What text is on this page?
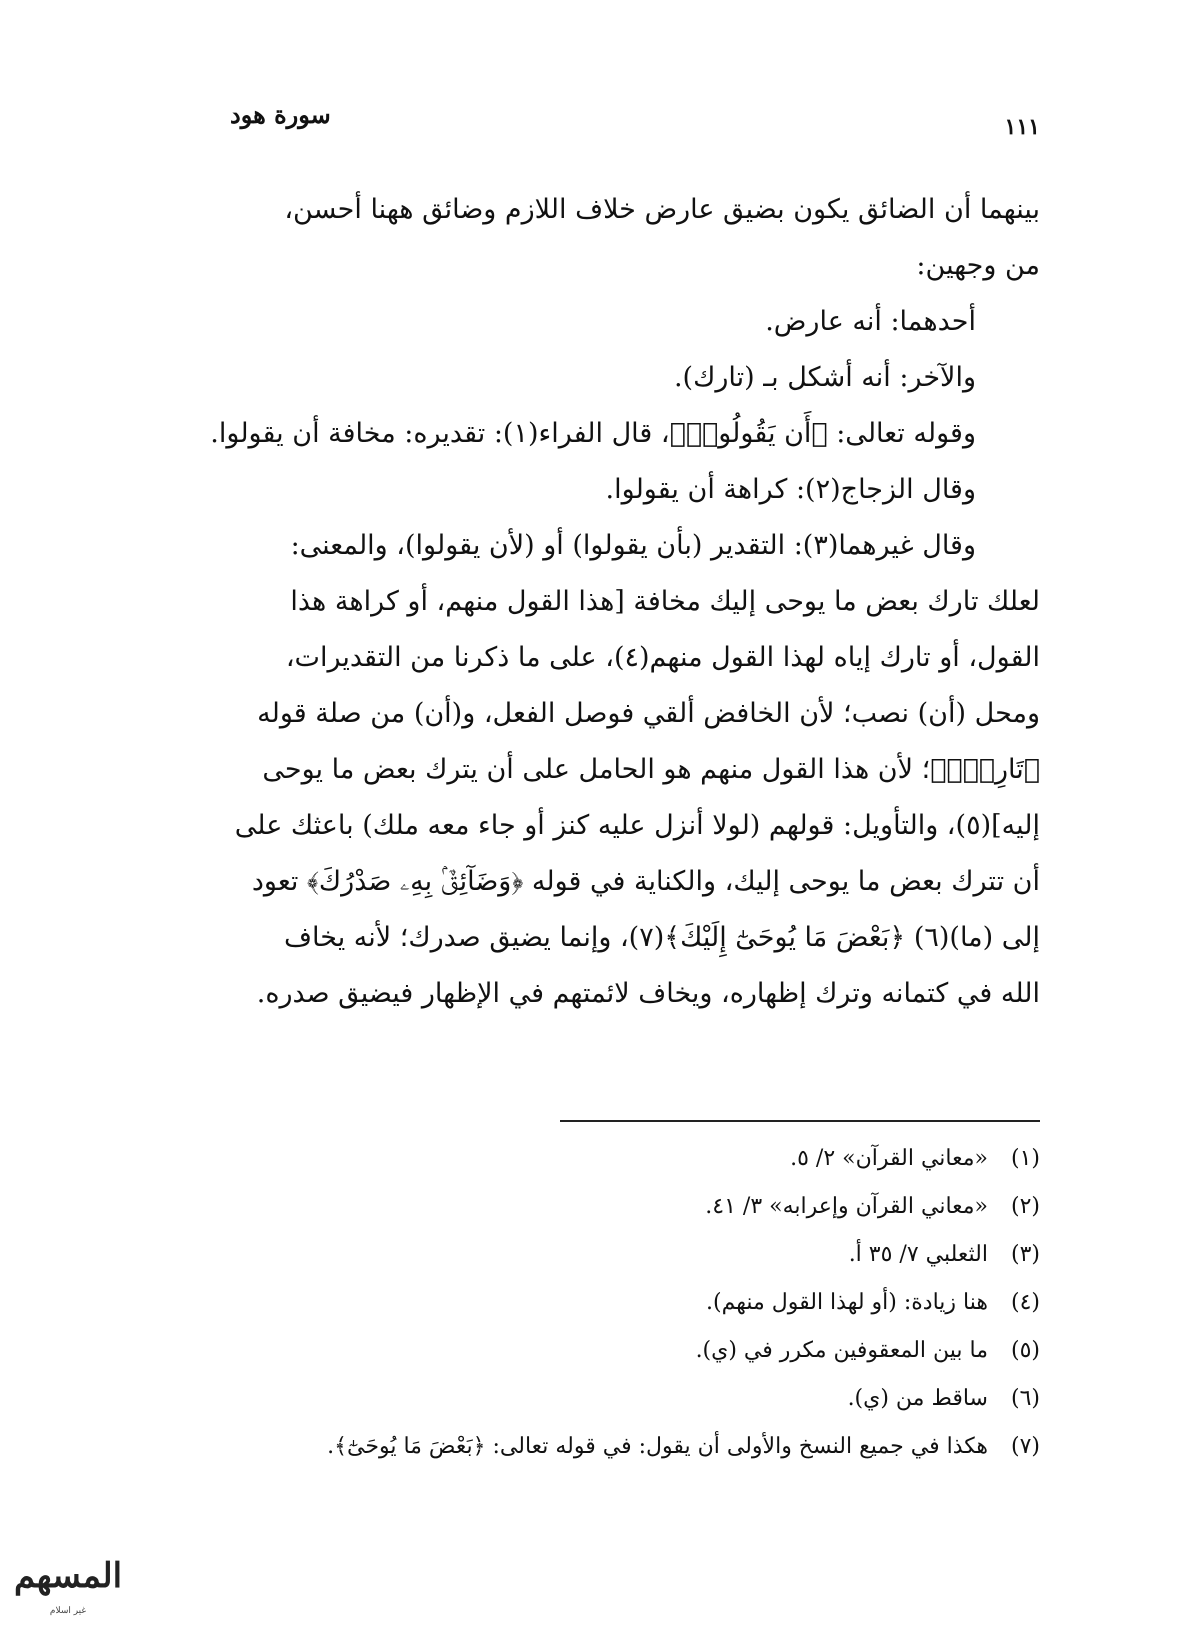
سورة هود	١١١

بينهما أن الضائق يكون بضيق عارض خلاف اللازم وضائق ههنا أحسن،

من وجهين:

أحدهما: أنه عارض.

والآخر: أنه أشكل بـ (تارك).

وقوله تعالى: ﴿أَن يَقُولُوا۟﴾، قال الفراء(١): تقديره: مخافة أن يقولوا.

وقال الزجاج(٢): كراهة أن يقولوا.

وقال غيرهما(٣): التقدير (بأن يقولوا) أو (لأن يقولوا)، والمعنى:

لعلك تارك بعض ما يوحى إليك مخافة [هذا القول منهم، أو كراهة هذا

القول، أو تارك إياه لهذا القول منهم(٤)، على ما ذكرنا من التقديرات،

ومحل (أن) نصب؛ لأن الخافض ألقي فوصل الفعل، و(أن) من صلة قوله

﴿تَارِكُۢ﴾؛ لأن هذا القول منهم هو الحامل على أن يترك بعض ما يوحى

إليه](٥)، والتأويل: قولهم (لولا أنزل عليه كنز أو جاء معه ملك) باعثك على

أن تترك بعض ما يوحى إليك، والكناية في قوله ﴿وَضَآئِقٌۢ بِهِۦ صَدْرُكَ﴾ تعود

إلى (ما)(٦) ﴿بَعْضَ مَا يُوحَىٰٓ إِلَيْكَ﴾(٧)، وإنما يضيق صدرك؛ لأنه يخاف

الله في كتمانه وترك إظهاره، ويخاف لائمتهم في الإظهار فيضيق صدره.

(١)
«معاني القرآن» ٢/ ٥.
(٢)
«معاني القرآن وإعرابه» ٣/ ٤١.
(٣)
الثعلبي ٧/ ٣٥ أ.
(٤)
هنا زيادة: (أو لهذا القول منهم).
(٥)
ما بين المعقوفين مكرر في (ي).
(٦)
ساقط من (ي).
(٧)
هكذا في جميع النسخ والأولى أن يقول: في قوله تعالى: ﴿بَعْضَ مَا يُوحَىٰٓ﴾.
المسهم
غير اسلام
